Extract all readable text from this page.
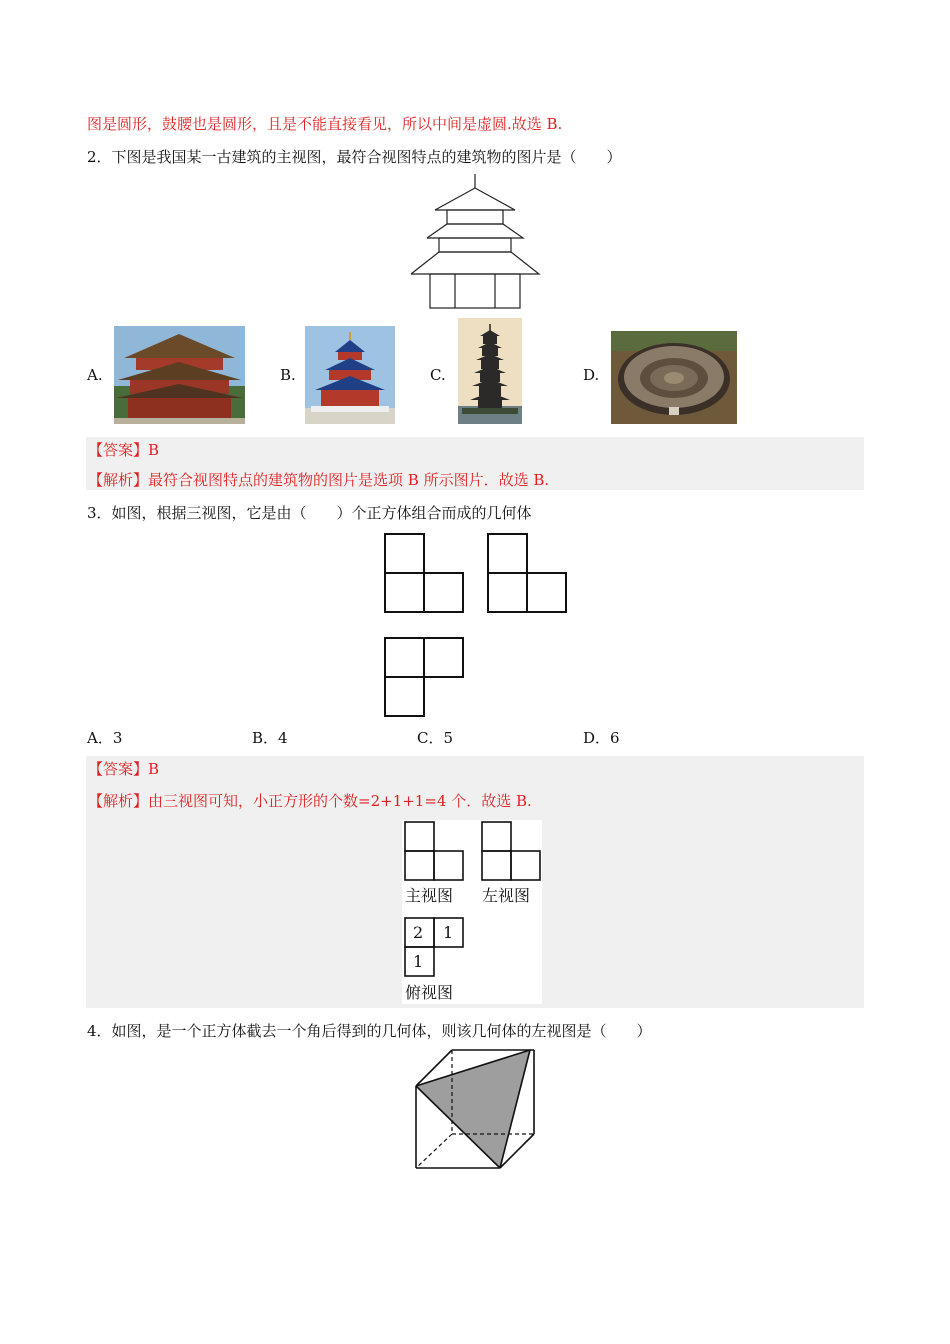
图是圆形，鼓腰也是圆形，且是不能直接看见，所以中间是虚圆.故选 B.
2．下图是我国某一古建筑的主视图，最符合视图特点的建筑物的图片是（　　）
A.	B.	C.	D.
【答案】B
【解析】最符合视图特点的建筑物的图片是选项 B 所示图片．故选 B.
3．如图，根据三视图，它是由（　　）个正方体组合而成的几何体
A．3	B．4	C．5	D．6
【答案】B
【解析】由三视图可知，小正方形的个数=2+1+1=4 个．故选 B.
主视图 左视图
2 1
1
俯视图
4．如图，是一个正方体截去一个角后得到的几何体，则该几何体的左视图是（　　）
